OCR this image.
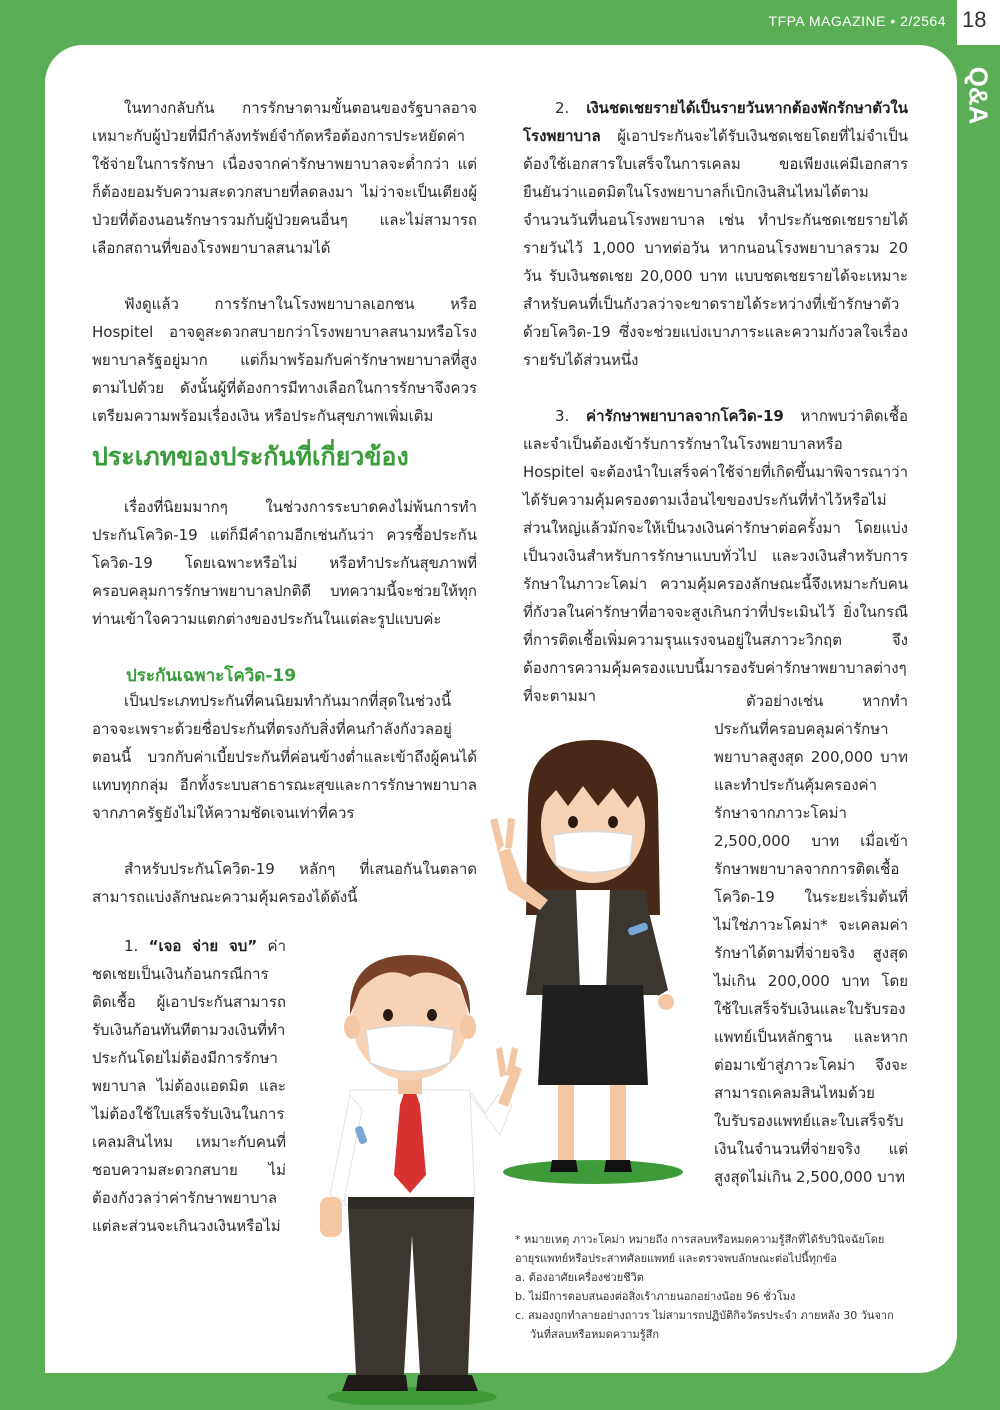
18
TFPA MAGAZINE • 2/2564
Q&A

ในทางกลับกัน การรักษาตามขั้นตอนของรัฐบาลอาจเหมาะกับผู้ป่วยที่มีกำลังทรัพย์จำกัดหรือต้องการประหยัดค่าใช้จ่ายในการรักษา เนื่องจากค่ารักษาพยาบาลจะต่ำกว่า แต่ก็ต้องยอมรับความสะดวกสบายที่ลดลงมา ไม่ว่าจะเป็นเตียงผู้ป่วยที่ต้องนอนรักษารวมกับผู้ป่วยคนอื่นๆ และไม่สามารถเลือกสถานที่ของโรงพยาบาลสนามได้

ฟังดูแล้ว การรักษาในโรงพยาบาลเอกชน หรือ Hospitel อาจดูสะดวกสบายกว่าโรงพยาบาลสนามหรือโรงพยาบาลรัฐอยู่มาก แต่ก็มาพร้อมกับค่ารักษาพยาบาลที่สูงตามไปด้วย ดังนั้นผู้ที่ต้องการมีทางเลือกในการรักษาจึงควรเตรียมความพร้อมเรื่องเงิน หรือประกันสุขภาพเพิ่มเติม

ประเภทของประกันที่เกี่ยวข้อง

เรื่องที่นิยมมากๆ ในช่วงการระบาดคงไม่พ้นการทำประกันโควิด-19 แต่ก็มีคำถามอีกเช่นกันว่า ควรซื้อประกันโควิด-19 โดยเฉพาะหรือไม่ หรือทำประกันสุขภาพที่ครอบคลุมการรักษาพยาบาลปกติดี บทความนี้จะช่วยให้ทุกท่านเข้าใจความแตกต่างของประกันในแต่ละรูปแบบค่ะ

ประกันเฉพาะโควิด-19

เป็นประเภทประกันที่คนนิยมทำกันมากที่สุดในช่วงนี้ อาจจะเพราะด้วยชื่อประกันที่ตรงกับสิ่งที่คนกำลังกังวลอยู่ตอนนี้ บวกกับค่าเบี้ยประกันที่ค่อนข้างต่ำและเข้าถึงผู้คนได้แทบทุกกลุ่ม อีกทั้งระบบสาธารณะสุขและการรักษาพยาบาลจากภาครัฐยังไม่ให้ความชัดเจนเท่าที่ควร

สำหรับประกันโควิด-19 หลักๆ ที่เสนอกันในตลาด สามารถแบ่งลักษณะความคุ้มครองได้ดังนี้

1. “เจอ จ่าย จบ” ค่าชดเชยเป็นเงินก้อนกรณีการติดเชื้อ ผู้เอาประกันสามารถรับเงินก้อนทันทีตามวงเงินที่ทำประกันโดยไม่ต้องมีการรักษาพยาบาล ไม่ต้องแอดมิต และไม่ต้องใช้ใบเสร็จรับเงินในการเคลมสินไหม เหมาะกับคนที่ชอบความสะดวกสบาย ไม่ต้องกังวลว่าค่ารักษาพยาบาลแต่ละส่วนจะเกินวงเงินหรือไม่

2. เงินชดเชยรายได้เป็นรายวันหากต้องพักรักษาตัวในโรงพยาบาล ผู้เอาประกันจะได้รับเงินชดเชยโดยที่ไม่จำเป็นต้องใช้เอกสารใบเสร็จในการเคลม ขอเพียงแค่มีเอกสารยืนยันว่าแอดมิตในโรงพยาบาลก็เบิกเงินสินไหมได้ตามจำนวนวันที่นอนโรงพยาบาล เช่น ทำประกันชดเชยรายได้รายวันไว้ 1,000 บาทต่อวัน หากนอนโรงพยาบาลรวม 20 วัน รับเงินชดเชย 20,000 บาท แบบชดเชยรายได้จะเหมาะสำหรับคนที่เป็นกังวลว่าจะขาดรายได้ระหว่างที่เข้ารักษาตัวด้วยโควิด-19 ซึ่งจะช่วยแบ่งเบาภาระและความกังวลใจเรื่องรายรับได้ส่วนหนึ่ง

3. ค่ารักษาพยาบาลจากโควิด-19 หากพบว่าติดเชื้อและจำเป็นต้องเข้ารับการรักษาในโรงพยาบาลหรือ Hospitel จะต้องนำใบเสร็จค่าใช้จ่ายที่เกิดขึ้นมาพิจารณาว่าได้รับความคุ้มครองตามเงื่อนไขของประกันที่ทำไว้หรือไม่ ส่วนใหญ่แล้วมักจะให้เป็นวงเงินค่ารักษาต่อครั้งมา โดยแบ่งเป็นวงเงินสำหรับการรักษาแบบทั่วไป และวงเงินสำหรับการรักษาในภาวะโคม่า ความคุ้มครองลักษณะนี้จึงเหมาะกับคนที่กังวลในค่ารักษาที่อาจจะสูงเกินกว่าที่ประเมินไว้ ยิ่งในกรณีที่การติดเชื้อเพิ่มความรุนแรงจนอยู่ในสภาวะวิกฤต จึงต้องการความคุ้มครองแบบนี้มารองรับค่ารักษาพยาบาลต่างๆ ที่จะตามมา	ตัวอย่างเช่น หากทำประกันที่ครอบคลุมค่ารักษาพยาบาลสูงสุด 200,000 บาท และทำประกันคุ้มครองค่ารักษาจากภาวะโคม่า 2,500,000 บาท เมื่อเข้ารักษาพยาบาลจากการติดเชื้อโควิด-19 ในระยะเริ่มต้นที่ไม่ใช่ภาวะโคม่า* จะเคลมค่ารักษาได้ตามที่จ่ายจริง สูงสุดไม่เกิน 200,000 บาท โดยใช้ใบเสร็จรับเงินและใบรับรองแพทย์เป็นหลักฐาน และหากต่อมาเข้าสู่ภาวะโคม่า จึงจะสามารถเคลมสินไหมด้วยใบรับรองแพทย์และใบเสร็จรับเงินในจำนวนที่จ่ายจริง แต่สูงสุดไม่เกิน 2,500,000 บาท

* หมายเหตุ ภาวะโคม่า หมายถึง การสลบหรือหมดความรู้สึกที่ได้รับวินิจฉัยโดยอายุรแพทย์หรือประสาทศัลยแพทย์ และตรวจพบลักษณะต่อไปนี้ทุกข้อ
a. ต้องอาศัยเครื่องช่วยชีวิต
b. ไม่มีการตอบสนองต่อสิ่งเร้าภายนอกอย่างน้อย 96 ชั่วโมง
c. สมองถูกทำลายอย่างถาวร ไม่สามารถปฏิบัติกิจวัตรประจำ ภายหลัง 30 วันจากวันที่สลบหรือหมดความรู้สึก
